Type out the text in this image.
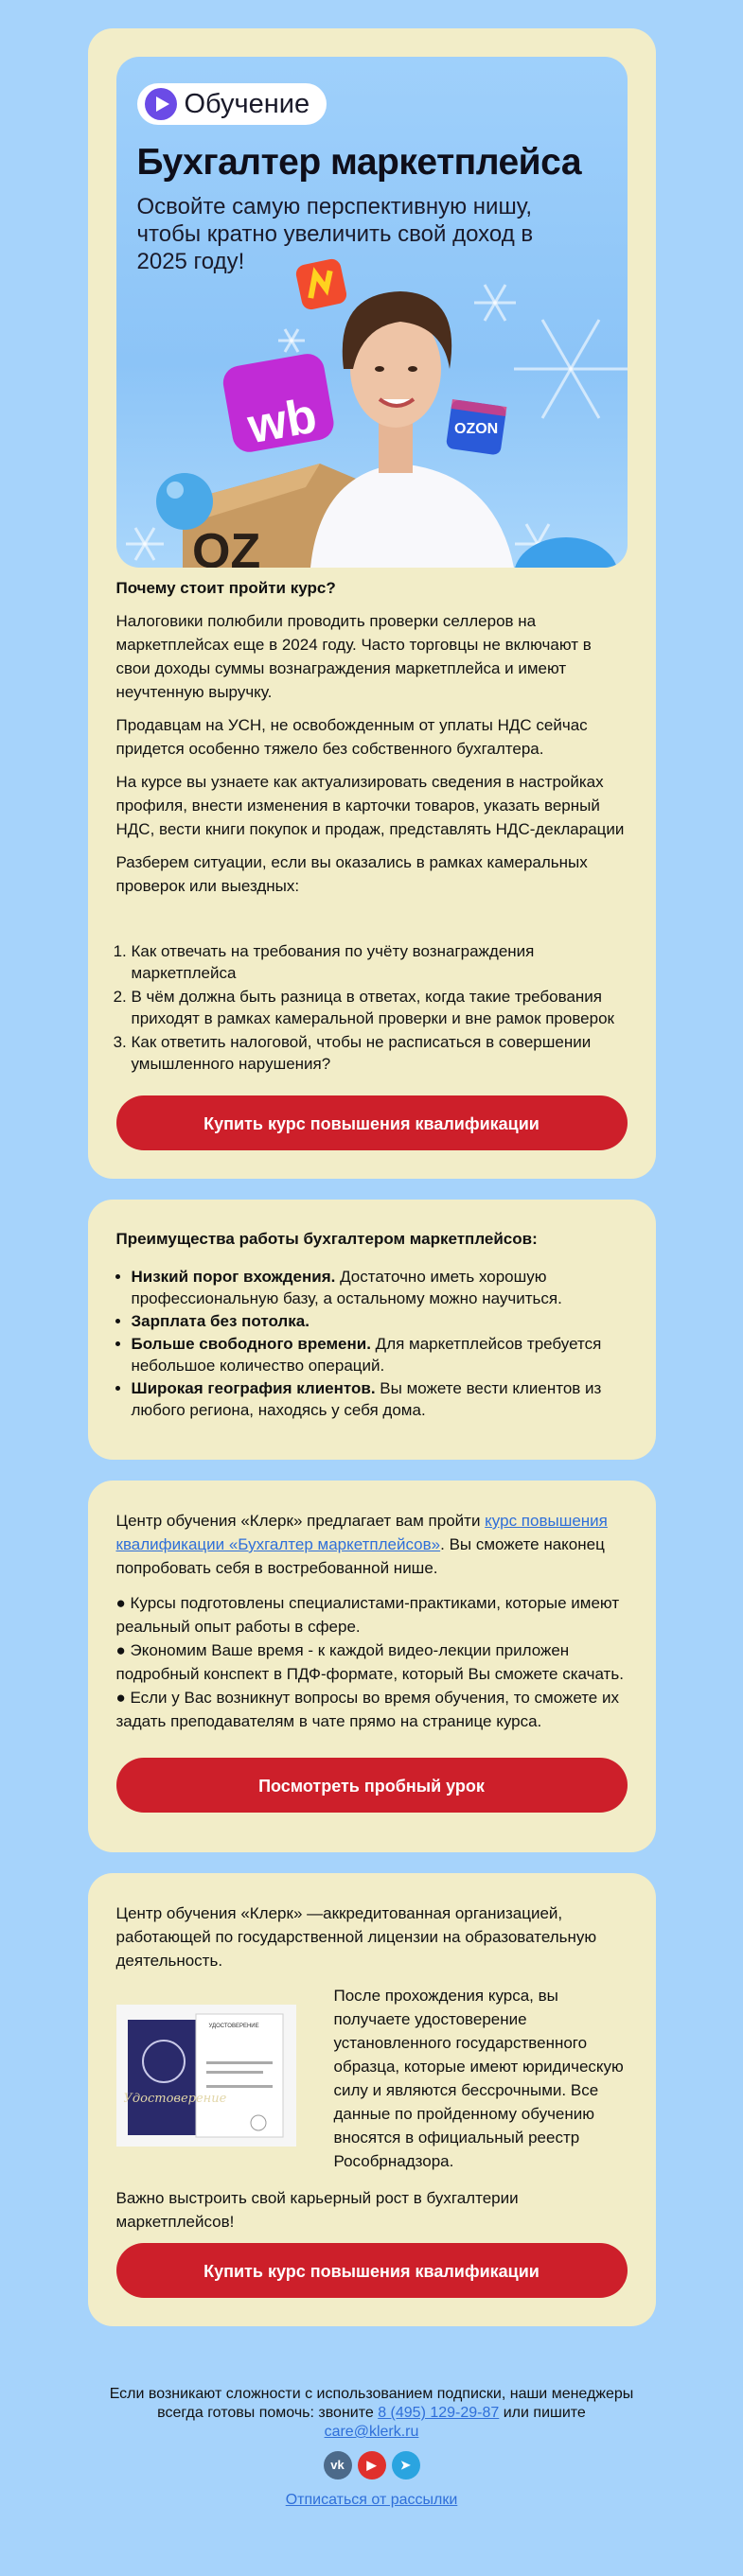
OZ
wb	OZON
Обучение
Бухгалтер маркетплейса
Освойте самую перспективную нишу, чтобы кратно увеличить свой доход в 2025 году!
Почему стоит пройти курс?

Налоговики полюбили проводить проверки селлеров на маркетплейсах еще в 2024 году. Часто торговцы не включают в свои доходы суммы вознаграждения маркетплейса и имеют неучтенную выручку.

Продавцам на УСН, не освобожденным от уплаты НДС сейчас придется особенно тяжело без собственного бухгалтера.

На курсе вы узнаете как актуализировать сведения в настройках профиля, внести изменения в карточки товаров, указать верный НДС, вести книги покупок и продаж, представлять НДС-декларации

Разберем ситуации, если вы оказались в рамках камеральных проверок или выездных:

1. Как отвечать на требования по учёту вознаграждения маркетплейса
2. В чём должна быть разница в ответах, когда такие требования приходят в рамках камеральной проверки и вне рамок проверок
3. Как ответить налоговой, чтобы не расписаться в совершении умышленного нарушения?
Купить курс повышения квалификации
Преимущества работы бухгалтером маркетплейсов:
• Низкий порог вхождения. Достаточно иметь хорошую профессиональную базу, а остальному можно научиться.
• Зарплата без потолка.
• Больше свободного времени. Для маркетплейсов требуется небольшое количество операций.
• Широкая география клиентов. Вы можете вести клиентов из любого региона, находясь у себя дома.

Центр обучения «Клерк» предлагает вам пройти курс повышения квалификации «Бухгалтер маркетплейсов». Вы сможете наконец попробовать себя в востребованной нише.

● Курсы подготовлены специалистами-практиками, которые имеют реальный опыт работы в сфере.

● Экономим Ваше время - к каждой видео-лекции приложен подробный конспект в ПДФ-формате, который Вы сможете скачать.

● Если у Вас возникнут вопросы во время обучения, то сможете их задать преподавателям в чате прямо на странице курса.

Посмотреть пробный урок

Центр обучения «Клерк» —аккредитованная организацией, работающей по государственной лицензии на образовательную деятельность.

Удостоверение
УДОСТОВЕРЕНИЕ

После прохождения курса, вы получаете удостоверение установленного государственного образца, которые имеют юридическую силу и являются бессрочными. Все данные по пройденному обучению вносятся в официальный реестр Рособрнадзора.

Важно выстроить свой карьерный рост в бухгалтерии маркетплейсов!

Купить курс повышения квалификации
Если возникают сложности с использованием подписки, наши менеджеры всегда готовы помочь: звоните 8 (495) 129-29-87 или пишите
care@klerk.ru
vk	▶	➤
Отписаться от рассылки
